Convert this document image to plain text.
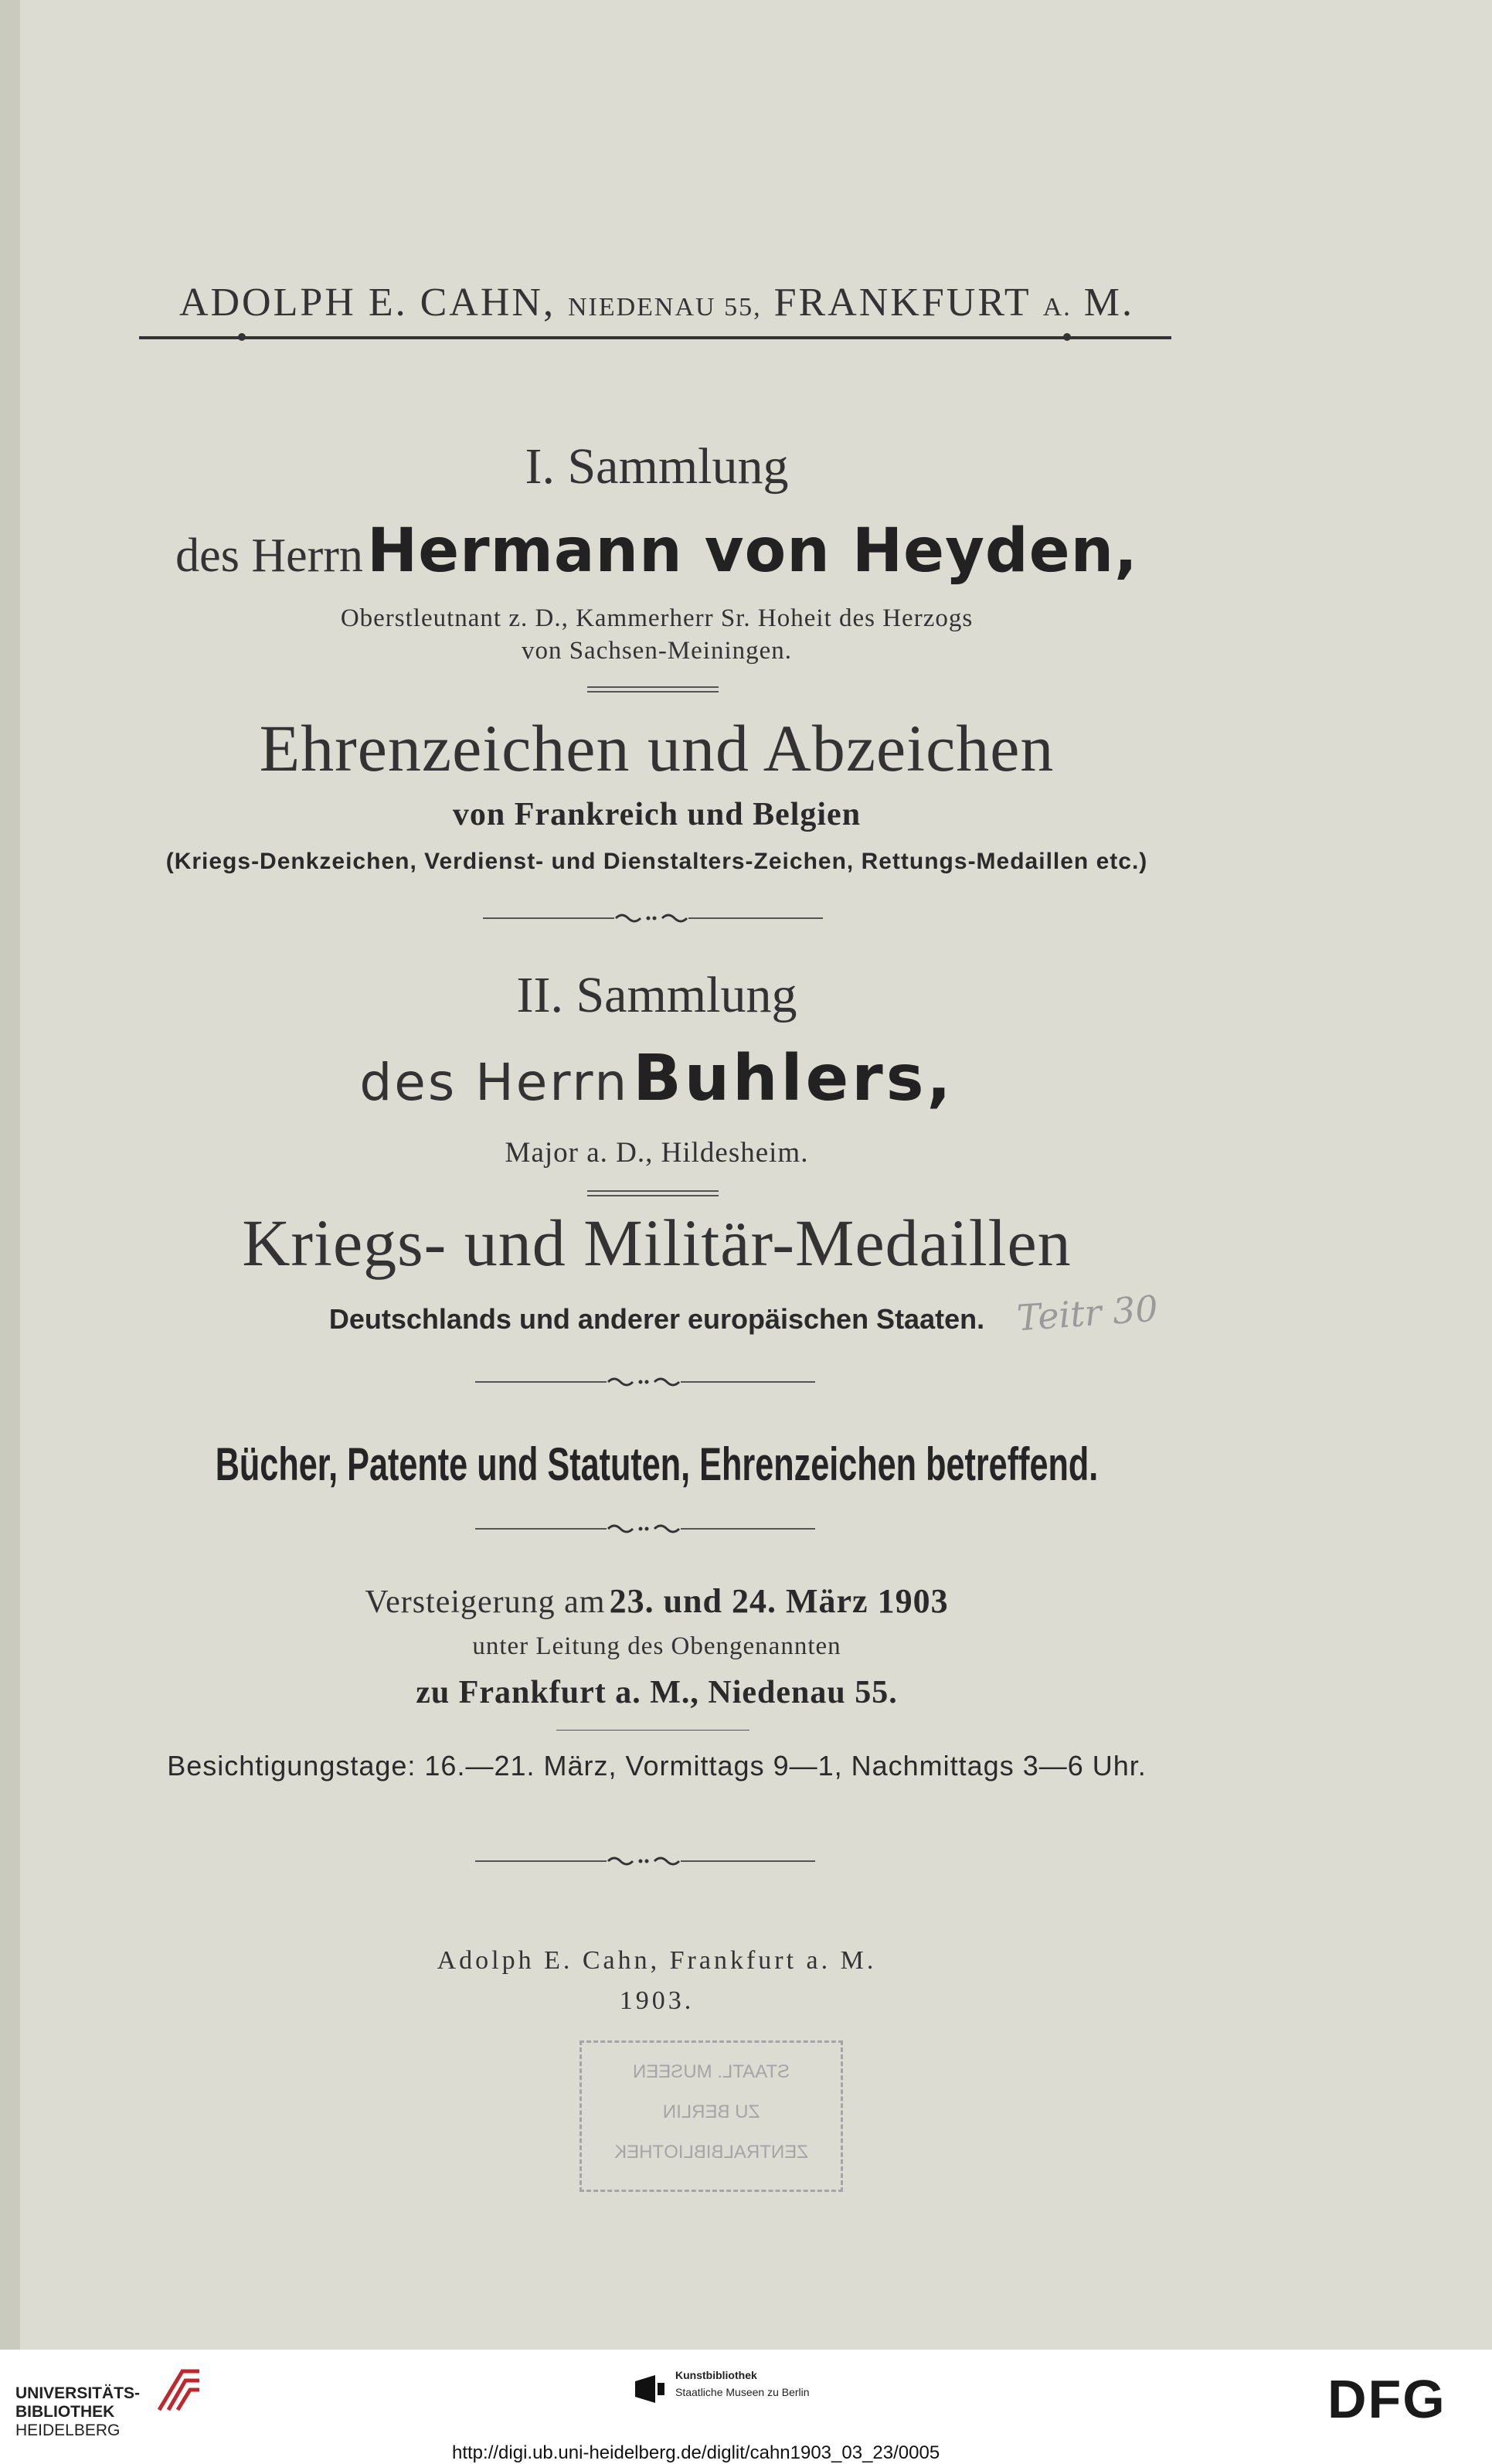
ADOLPH E. CAHN, NIEDENAU 55, FRANKFURT A. M.
I. Sammlung
des Herrn Hermann von Heyden,
Oberstleutnant z. D., Kammerherr Sr. Hoheit des Herzogs
von Sachsen-Meiningen.
Ehrenzeichen und Abzeichen
von Frankreich und Belgien
(Kriegs-Denkzeichen, Verdienst- und Dienstalters-Zeichen, Rettungs-Medaillen etc.)
II. Sammlung
des Herrn Buhlers,
Major a. D., Hildesheim.
Kriegs- und Militär-Medaillen
Deutschlands und anderer europäischen Staaten. Teitr 30
Bücher, Patente und Statuten, Ehrenzeichen betreffend.
Versteigerung am 23. und 24. März 1903
unter Leitung des Obengenannten
zu Frankfurt a. M., Niedenau 55.
Besichtigungstage: 16.—21. März, Vormittags 9—1, Nachmittags 3—6 Uhr.
Adolph E. Cahn, Frankfurt a. M.
1903.
STAATL. MUSEEN
ZU BERLIN
ZENTRALBIBLIOTHEK
UNIVERSITÄTS-
BIBLIOTHEK
HEIDELBERG
Kunstbibliothek
Staatliche Museen zu Berlin	DFG
http://digi.ub.uni-heidelberg.de/diglit/cahn1903_03_23/0005
